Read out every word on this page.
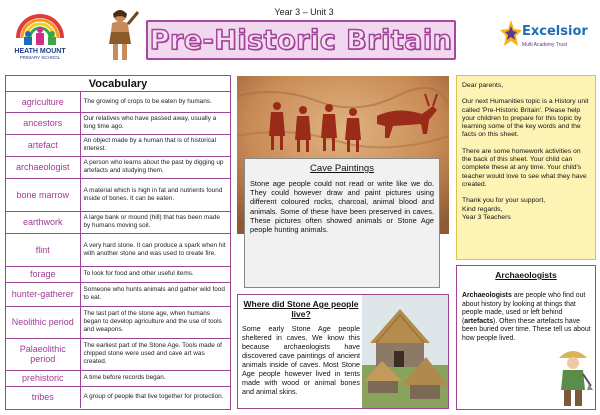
HEATH MOUNT
PRIMARY SCHOOL
Year 3 – Unit 3
Pre-Historic Britain	Excelsior
Multi Academy Trust
Vocabulary
agriculture	The growing of crops to be eaten by humans.
ancestors	Our relatives who have passed away, usually a long time ago.
artefact	An object made by a human that is of historical interest.
archaeologist	A person who learns about the past by digging up artefacts and studying them.
bone marrow	A material which is high in fat and nutrients found inside of bones. It can be eaten.
earthwork	A large bank or mound (hill) that has been made by humans moving soil.
flint	A very hard stone. It can produce a spark when hit with another stone and was used to create fire.
forage	To look for food and other useful items.
hunter-gatherer	Someone who hunts animals and gather wild food to eat.
Neolithic period	The last part of the stone age, when humans began to develop agriculture and the use of tools and weapons.
Palaeolithic period	The earliest part of the Stone Age. Tools made of chipped stone were used and cave art was created.
prehistoric	A time before records began.
tribes	A group of people that live together for protection.
Cave Paintings
Stone age people could not read or write like we do. They could however draw and paint pictures using different coloured rocks, charcoal, animal blood and animals. Some of these have been preserved in caves. These pictures often showed animals or Stone Age people hunting animals.
Where did Stone Age people live?
Some early Stone Age people sheltered in caves. We know this because archaeologists have discovered cave paintings of ancient animals inside of caves. Most Stone Age people however lived in tents made with wood or animal bones and animal skins.

Dear parents,

Our next Humanities topic is a History unit called 'Pre-Historic Britain'. Please help your children to prepare for this topic by learning some of the key words and the facts on this sheet.

There are some homework activities on the back of this sheet. Your child can complete these at any time. Your child's teacher would love to see what they have created.

Thank you for your support,
Kind regards,
Year 3 Teachers
Archaeologists
Archaeologists are people who find out about history by looking at things that people made, used or left behind (artefacts). Often these artefacts have been buried over time. These tell us about how people lived.
